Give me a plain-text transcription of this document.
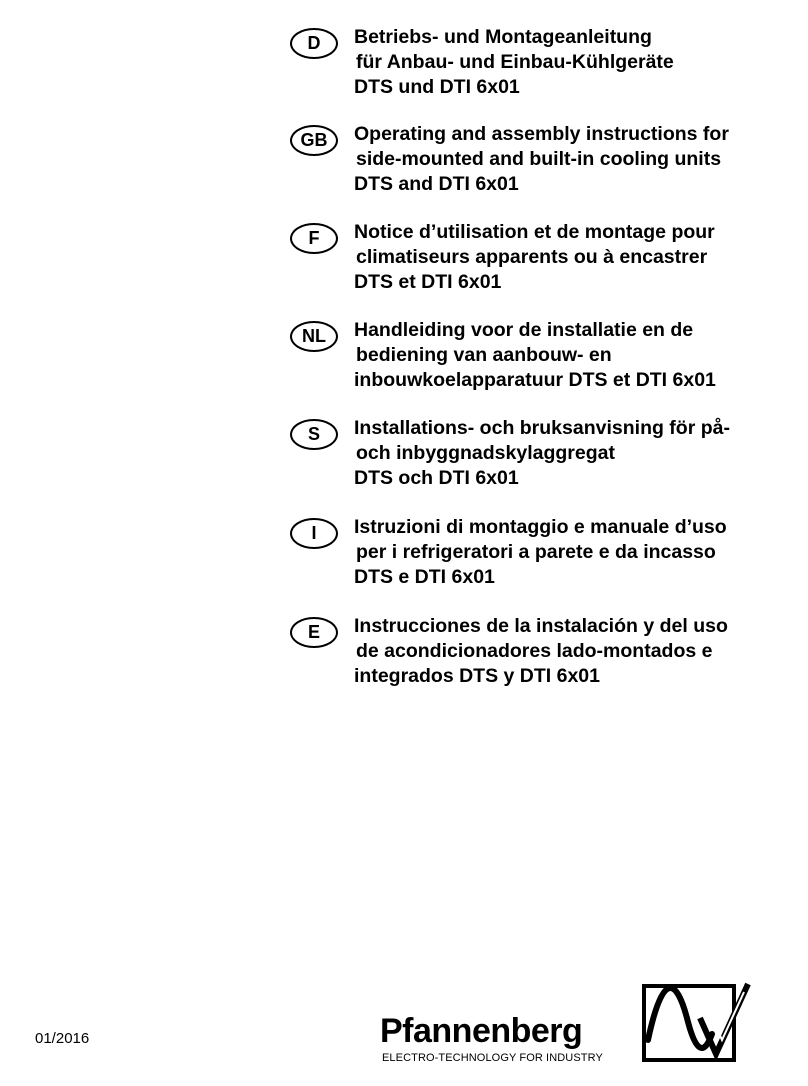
D	Betriebs- und Montageanleitung
für Anbau- und Einbau-Kühlgeräte
DTS und DTI 6x01
GB	Operating and assembly instructions for
side-mounted and built-in cooling units
DTS and DTI 6x01
F	Notice d’utilisation et de montage pour
climatiseurs apparents ou à encastrer
DTS et DTI 6x01
NL	Handleiding voor de installatie en de
bediening van aanbouw- en
inbouwkoelapparatuur DTS et DTI 6x01
S	Installations- och bruksanvisning för på-
och inbyggnadskylaggregat
DTS och DTI 6x01
I	Istruzioni di montaggio e manuale d’uso
per i refrigeratori a parete e da incasso
DTS e DTI 6x01
E	Instrucciones de la instalación y del uso
de acondicionadores lado-montados e
integrados DTS y DTI 6x01
01/2016	Pfannenberg
ELECTRO-TECHNOLOGY FOR INDUSTRY
